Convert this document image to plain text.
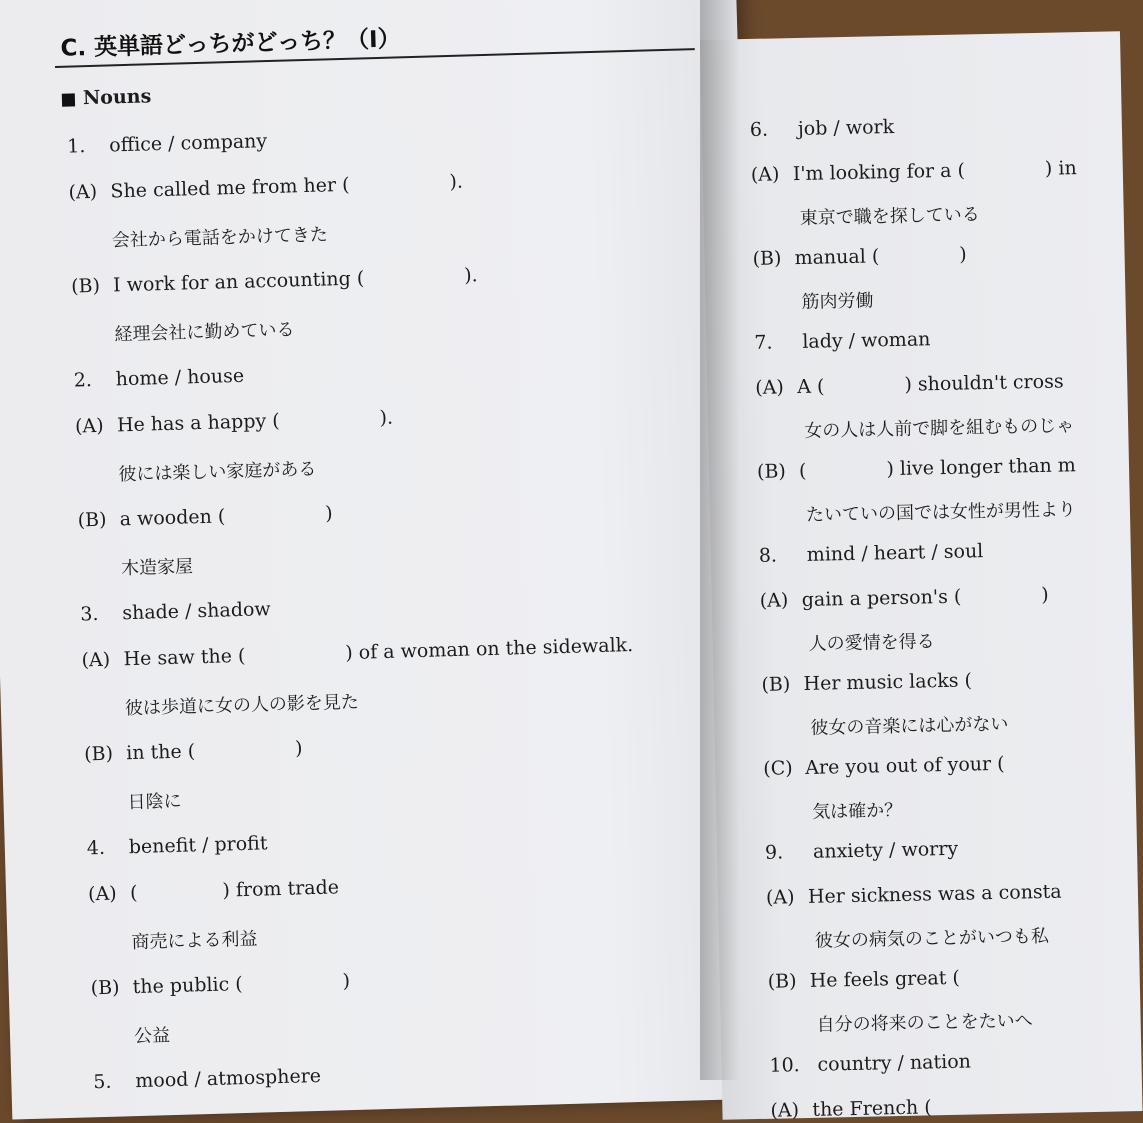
C. 英単語どっちがどっち？（I）
Nouns
1. office / company
(A) She called me from her (	).
会社から電話をかけてきた
(B) I work for an accounting (	).
経理会社に勤めている
2. home / house
(A) He has a happy (	).
彼には楽しい家庭がある
(B) a wooden (	)
木造家屋
3. shade / shadow
(A) He saw the (	) of a woman on the sidewalk.
彼は歩道に女の人の影を見た
(B) in the (	)
日陰に
4. benefit / profit
(A) (	) from trade
商売による利益
(B) the public (	)
公益
5. mood / atmosphere
6. job / work
(A) I'm looking for a (	) in
東京で職を探している
(B) manual (	)
筋肉労働
7. lady / woman
(A) A (	) shouldn't cross
女の人は人前で脚を組むものじゃ
(B) (	) live longer than m
たいていの国では女性が男性より
8. mind / heart / soul
(A) gain a person's (	)
人の愛情を得る
(B) Her music lacks (
彼女の音楽には心がない
(C) Are you out of your (
気は確か？
9. anxiety / worry
(A) Her sickness was a consta
彼女の病気のことがいつも私
(B) He feels great (
自分の将来のことをたいへ
10. country / nation
(A) the French (
